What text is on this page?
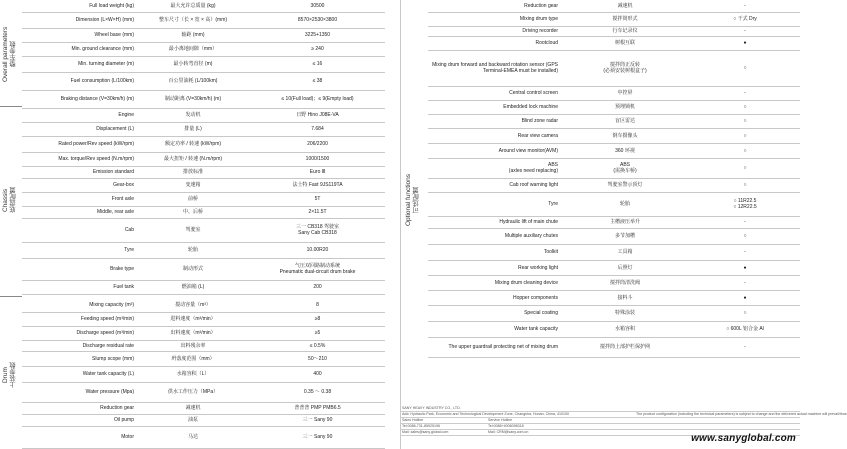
Overall parameters
整车参数
Chassis
底盘配置
Drum
上装参数
Optional functions
可选配置
Full load weight (kg)	最大允许总质量 (kg)	30500
Dimension (L×W×H) (mm)	整车尺寸（长 × 宽 × 高）(mm)	8570×2530×3800
Wheel base (mm)	轴距 (mm)	3225+1350
Min. ground clearance (mm)	最小离地间隙（mm）	≥ 240
Min. turning diameter (m)	最小转弯直径 (m)	≤ 16
Fuel consumption (L/100km)	百公里油耗 (L/100km)	≤ 38
Braking distance (V=30km/h) (m)	制动距离 (V=30km/h) (m)	≤ 10(Full load)；≤ 9(Empty load)
Engine	发动机	日野 Hino J08E-VA
Displacement (L)	排量 (L)	7.684
Rated power/Rev speed (kW/rpm)	额定功率 / 转速 (kW/rpm)	206/2200
Max. torque/Rev speed (N.m/rpm)	最大扭矩 / 转速 (N.m/rpm)	1000/1500
Emission standard	排放标准	Euro Ⅲ
Gear-box	变速箱	法士特 Fast 9JS119TA
Front axle	前桥	5T
Middle, rear axle	中、后桥	2×11.5T
Cab	驾驶室	三一 CB318 驾驶室
Sany Cab CB318
Tyre	轮胎	10.00R20
Brake type	制动形式	气压双回路制动系统
Pneumatic dual-circuit drum brake
Fuel tank	燃油箱 (L)	200
Mixing capacity (m³)	搅动容量（m³）	8
Feeding speed (m³/min)	进料速度（m³/min）	≥8
Discharge speed (m³/min)	出料速度（m³/min）	≥5
Discharge residual rate	出料残余率	≤ 0.5%
Slump scope (mm)	坍落度范围（mm）	50～210
Water tank capacity (L)	水箱容积（L）	400
Water pressure (Mpa)	供水工作压力（MPa）	0.35 ～ 0.38
Reduction gear	减速机	普普普 PMP PMB6.5
Oil pump	油泵	三一 Sany 90
Motor	马达	三一 Sany 90
Reduction gear	减速机	-
Mixing drum type	搅拌筒形式	○ 干式 Dry
Driving recorder	行车记录仪	-
Rootcloud	树根互联	●
Mixing drum forward and backward rotation sensor (GPS Terminal-EMEA must be installed)	搅拌筒正反转
(必须安装树根盒子)	○
Central control screen	中控屏	-
Embedded lock machine	预埋锁机	○
Blind zone radar	盲区雷达	○
Rear view camera	倒车摄像头	○
Around view monitor(AVM)	360 环视	○
ABS
(axles need replacing)	ABS
(需换车桥)	○
Cab roof warning light	驾驶室警示顶灯	○
Tyre	轮胎	○ 11R22.5
○ 12R22.5
Hydraulic lift of main chute	主槽液压举升	-
Multiple auxiliary chutes	多节加槽	○
Toolkit	工具箱	-
Rear working light	后照灯	●
Mixing drum cleaning device	搅拌筒清洗阀	-
Hopper components	接料斗	●
Special coating	特殊涂装	○
Water tank capacity	水箱容积	○ 600L 铝合金 Al
The upper guardrail protecting net of mixing drum	搅拌筒上部护栏保护网	-
SANY HEAVY INDUSTRY CO., LTD.
Add: Hydraulic Park, Economic and Technological Development Zone, Changsha, Hunan, China, 410100	The product configuration (including the technical parameters) is subject to change and the delivered actual machine will prevail/thus
Sales Hotline	Service Hotline
Tel:0086-731-85925196	Tel:0086+4006098318
Mail: sales@sany.global.com	Mail: CRM@sany.com.cn
www.sanyglobal.com
